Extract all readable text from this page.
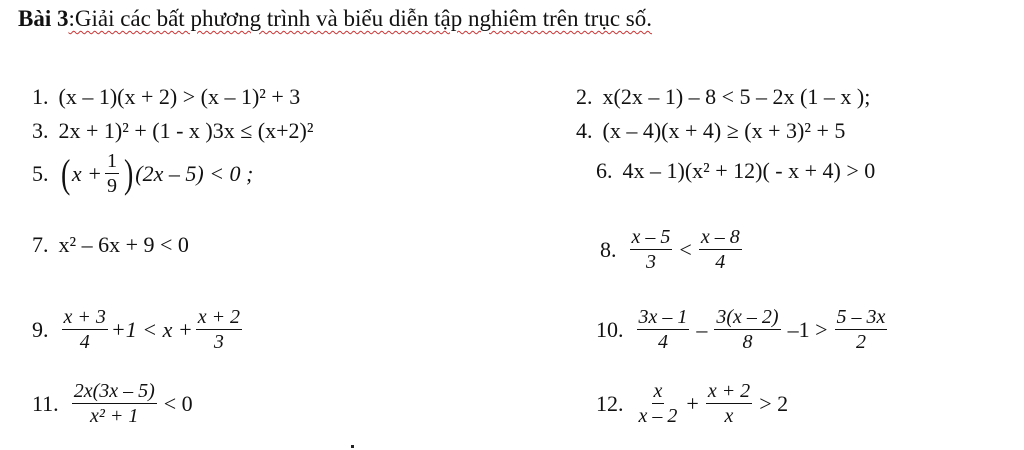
Bài 3:Giải các bất phương trình và biểu diễn tập nghiêm trên trục số.
1. (x – 1)(x + 2) > (x – 1)² + 3	2. x(2x – 1) – 8 < 5 – 2x (1 – x );
3. 2x + 1)² + (1 - x )3x ≤ (x+2)²	4. (x – 4)(x + 4) ≥ (x + 3)² + 5
5. ( $x + \frac{1}{9}$ ) (2x – 5) < 0 ;	6. 4x – 1)(x² + 12)( - x + 4) > 0
7. x² – 6x + 9 < 0	8. $\frac{x - 5}{3} < \frac{x - 8}{4}$
9. $\frac{x + 3}{4} +1 < x + \frac{x + 2}{3}$	10. $\frac{3x - 1}{4} - \frac{3(x - 2)}{8} -1 > \frac{5 - 3x}{2}$
11. $\frac{2x(3x - 5)}{\text{x² + 1}} < 0$	12. $\frac{x}{x - 2} + \frac{x + 2}{x} > 2$
